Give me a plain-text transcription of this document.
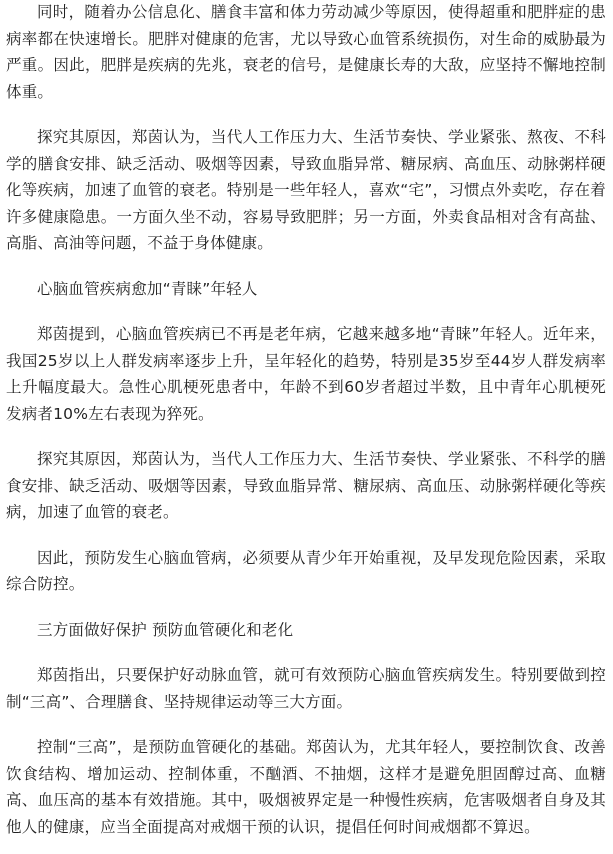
同时，随着办公信息化、膳食丰富和体力劳动减少等原因，使得超重和肥胖症的患病率都在快速增长。肥胖对健康的危害，尤以导致心血管系统损伤，对生命的威胁最为严重。因此，肥胖是疾病的先兆，衰老的信号，是健康长寿的大敌，应坚持不懈地控制体重。

探究其原因，郑茵认为，当代人工作压力大、生活节奏快、学业紧张、熬夜、不科学的膳食安排、缺乏活动、吸烟等因素，导致血脂异常、糖尿病、高血压、动脉粥样硬化等疾病，加速了血管的衰老。特别是一些年轻人，喜欢“宅”，习惯点外卖吃，存在着许多健康隐患。一方面久坐不动，容易导致肥胖；另一方面，外卖食品相对含有高盐、高脂、高油等问题，不益于身体健康。

心脑血管疾病愈加“青睐”年轻人

郑茵提到，心脑血管疾病已不再是老年病，它越来越多地“青睐”年轻人。近年来，我国25岁以上人群发病率逐步上升，呈年轻化的趋势，特别是35岁至44岁人群发病率上升幅度最大。急性心肌梗死患者中，年龄不到60岁者超过半数，且中青年心肌梗死发病者10%左右表现为猝死。

探究其原因，郑茵认为，当代人工作压力大、生活节奏快、学业紧张、不科学的膳食安排、缺乏活动、吸烟等因素，导致血脂异常、糖尿病、高血压、动脉粥样硬化等疾病，加速了血管的衰老。

因此，预防发生心脑血管病，必须要从青少年开始重视，及早发现危险因素，采取综合防控。

三方面做好保护 预防血管硬化和老化

郑茵指出，只要保护好动脉血管，就可有效预防心脑血管疾病发生。特别要做到控制“三高”、合理膳食、坚持规律运动等三大方面。

控制“三高”，是预防血管硬化的基础。郑茵认为，尤其年轻人，要控制饮食、改善饮食结构、增加运动、控制体重，不酗酒、不抽烟，这样才是避免胆固醇过高、血糖高、血压高的基本有效措施。其中，吸烟被界定是一种慢性疾病，危害吸烟者自身及其他人的健康，应当全面提高对戒烟干预的认识，提倡任何时间戒烟都不算迟。
